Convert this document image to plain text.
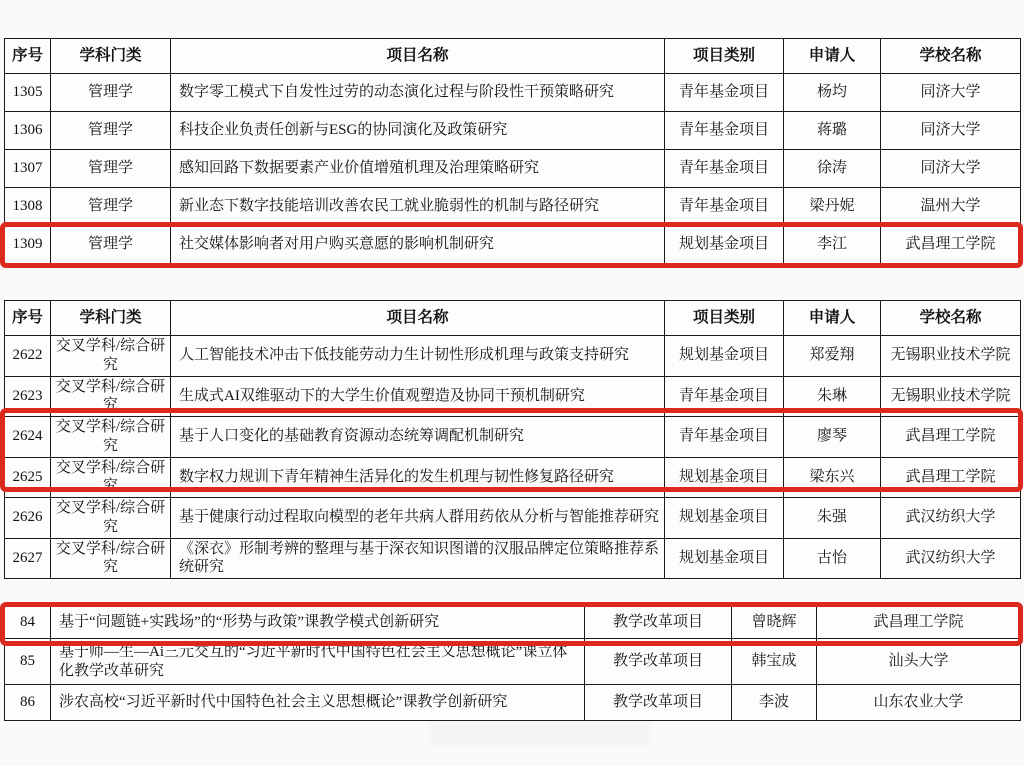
序号	学科门类	项目名称	项目类别	申请人	学校名称
1305	管理学	数字零工模式下自发性过劳的动态演化过程与阶段性干预策略研究	青年基金项目	杨均	同济大学
1306	管理学	科技企业负责任创新与ESG的协同演化及政策研究	青年基金项目	蒋璐	同济大学
1307	管理学	感知回路下数据要素产业价值增殖机理及治理策略研究	青年基金项目	徐涛	同济大学
1308	管理学	新业态下数字技能培训改善农民工就业脆弱性的机制与路径研究	青年基金项目	梁丹妮	温州大学
1309	管理学	社交媒体影响者对用户购买意愿的影响机制研究	规划基金项目	李江	武昌理工学院
序号	学科门类	项目名称	项目类别	申请人	学校名称
2622	交叉学科/综合研究	人工智能技术冲击下低技能劳动力生计韧性形成机理与政策支持研究	规划基金项目	郑爱翔	无锡职业技术学院
2623	交叉学科/综合研究	生成式AI双维驱动下的大学生价值观塑造及协同干预机制研究	青年基金项目	朱琳	无锡职业技术学院
2624	交叉学科/综合研究	基于人口变化的基础教育资源动态统筹调配机制研究	青年基金项目	廖琴	武昌理工学院
2625	交叉学科/综合研究	数字权力规训下青年精神生活异化的发生机理与韧性修复路径研究	规划基金项目	梁东兴	武昌理工学院
2626	交叉学科/综合研究	基于健康行动过程取向模型的老年共病人群用药依从分析与智能推荐研究	规划基金项目	朱强	武汉纺织大学
2627	交叉学科/综合研究	《深衣》形制考辨的整理与基于深衣知识图谱的汉服品牌定位策略推荐系统研究	规划基金项目	古怡	武汉纺织大学
84	基于“问题链+实践场”的“形势与政策”课教学模式创新研究	教学改革项目	曾晓辉	武昌理工学院
85	基于师—生—Ai三元交互的“习近平新时代中国特色社会主义思想概论”课立体化教学改革研究	教学改革项目	韩宝成	汕头大学
86	涉农高校“习近平新时代中国特色社会主义思想概论”课教学创新研究	教学改革项目	李波	山东农业大学
